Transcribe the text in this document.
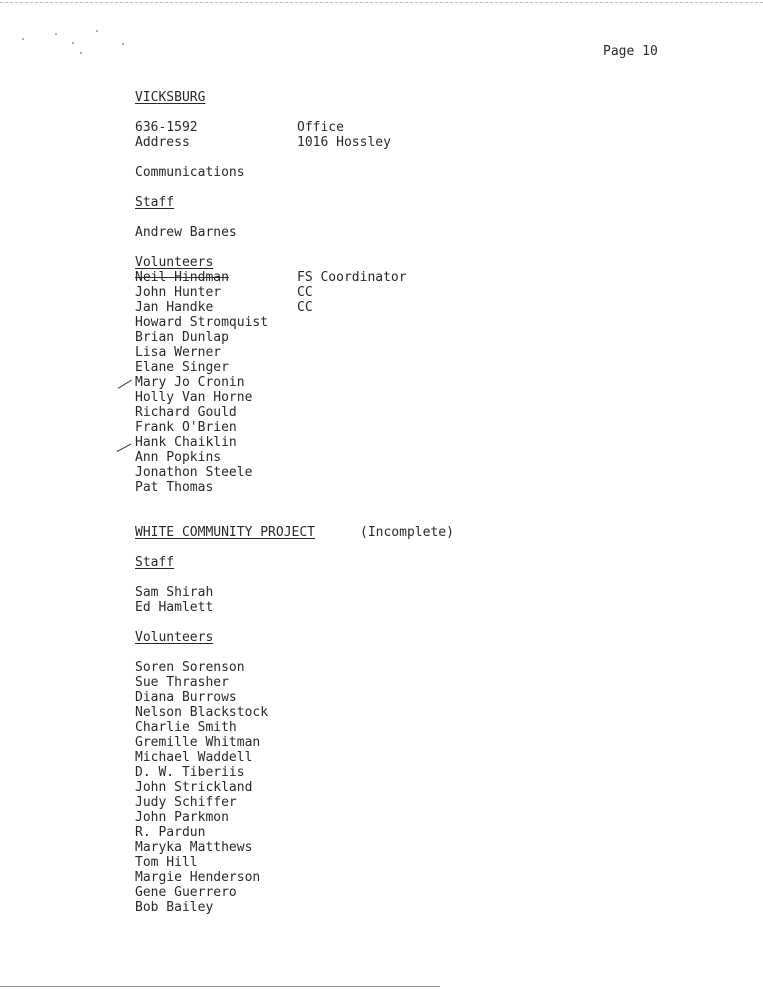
Page 10
VICKSBURG
636-1592	Office
Address	1016 Hossley
Communications
Staff
Andrew Barnes
Volunteers
Neil Hindman	FS Coordinator
John Hunter	CC
Jan Handke	CC
Howard Stromquist
Brian Dunlap
Lisa Werner
Elane Singer
Mary Jo Cronin
Holly Van Horne
Richard Gould
Frank O'Brien
Hank Chaiklin
Ann Popkins
Jonathon Steele
Pat Thomas
WHITE COMMUNITY PROJECT	(Incomplete)
Staff
Sam Shirah
Ed Hamlett
Volunteers
Soren Sorenson
Sue Thrasher
Diana Burrows
Nelson Blackstock
Charlie Smith
Gremille Whitman
Michael Waddell
D. W. Tiberiis
John Strickland
Judy Schiffer
John Parkmon
R. Pardun
Maryka Matthews
Tom Hill
Margie Henderson
Gene Guerrero
Bob Bailey
